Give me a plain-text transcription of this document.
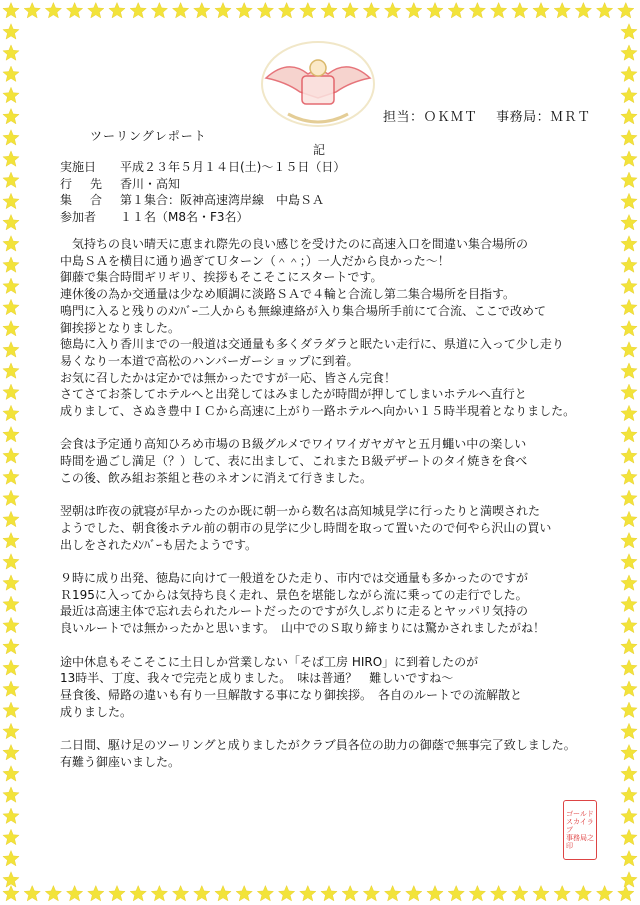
担当：ＯＫＭＴ 事務局：ＭＲＴ
ツーリングレポート
記
実施日	平成２３年５月１４日(土)～１５日（日）
行先 香川・高知
集合 第１集合：阪神高速湾岸線　中島ＳＡ
参加者	１１名（M8名・F3名）

気持ちの良い晴天に恵まれ際先の良い感じを受けたのに高速入口を間違い集合場所の
中島ＳＡを横目に通り過ぎてＵターン（＾＾；）一人だから良かった～！
御藤で集合時間ギリギリ、挨拶もそこそこにスタートです。
連休後の為か交通量は少なめ順調に淡路ＳＡで４輪と合流し第二集合場所を目指す。
鳴門に入ると残りのﾒﾝﾊﾞｰ二人からも無線連絡が入り集合場所手前にて合流、ここで改めて
御挨拶となりました。
徳島に入り香川までの一般道は交通量も多くダラダラと眠たい走行に、県道に入って少し走り
易くなり一本道で高松のハンバーガーショップに到着。
お気に召したかは定かでは無かったですが一応、皆さん完食！
さてさてお茶してホテルへと出発してはみましたが時間が押してしまいホテルへ直行と
成りまして、さぬき豊中ＩＣから高速に上がり一路ホテルへ向かい１５時半現着となりました。

会食は予定通り高知ひろめ市場のＢ級グルメでワイワイガヤガヤと五月蠅い中の楽しい
時間を過ごし満足（？）して、表に出まして、これまたＢ級デザートのタイ焼きを食べ
この後、飲み組お茶組と巷のネオンに消えて行きました。

翌朝は昨夜の就寝が早かったのか既に朝一から数名は高知城見学に行ったりと満喫された
ようでした、朝食後ホテル前の朝市の見学に少し時間を取って置いたので何やら沢山の買い
出しをされたﾒﾝﾊﾞｰも居たようです。

９時に成り出発、徳島に向けて一般道をひた走り、市内では交通量も多かったのですが
Ｒ195に入ってからは気持ち良く走れ、景色を堪能しながら流に乗っての走行でした。
最近は高速主体で忘れ去られたルートだったのですが久しぶりに走るとヤッパリ気持の
良いルートでは無かったかと思います。　山中でのＳ取り締まりには驚かされましたがね！

途中休息もそこそこに土日しか営業しない「そば工房 HIRO」に到着したのが
13時半、丁度、我々で完売と成りました。　味は普通？　難しいですね～
昼食後、帰路の違いも有り一旦解散する事になり御挨拶。　各自のルートでの流解散と
成りました。

二日間、駆け足のツーリングと成りましたがクラブ員各位の助力の御蔭で無事完了致しました。
有難う御座いました。

ゴールド
スカイラブ
事務局之印
